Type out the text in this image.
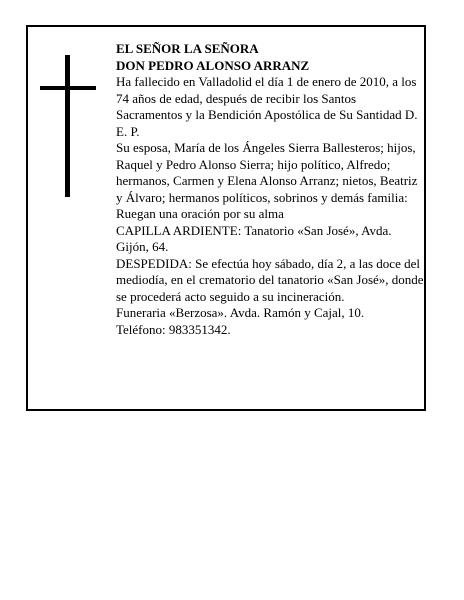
EL SEÑOR LA SEÑORA

DON PEDRO ALONSO ARRANZ

Ha fallecido en Valladolid el día 1 de enero de 2010, a los 74 años de edad, después de recibir los Santos Sacramentos y la Bendición Apostólica de Su Santidad D. E. P.

Su esposa, María de los Ángeles Sierra Ballesteros; hijos, Raquel y Pedro Alonso Sierra; hijo político, Alfredo; hermanos, Carmen y Elena Alonso Arranz; nietos, Beatriz y Álvaro; hermanos políticos, sobrinos y demás familia:

Ruegan una oración por su alma

CAPILLA ARDIENTE: Tanatorio «San José», Avda. Gijón, 64.

DESPEDIDA: Se efectúa hoy sábado, día 2, a las doce del mediodía, en el crematorio del tanatorio «San José», donde se procederá acto seguido a su incineración.

Funeraria «Berzosa». Avda. Ramón y Cajal, 10.

Teléfono: 983351342.
